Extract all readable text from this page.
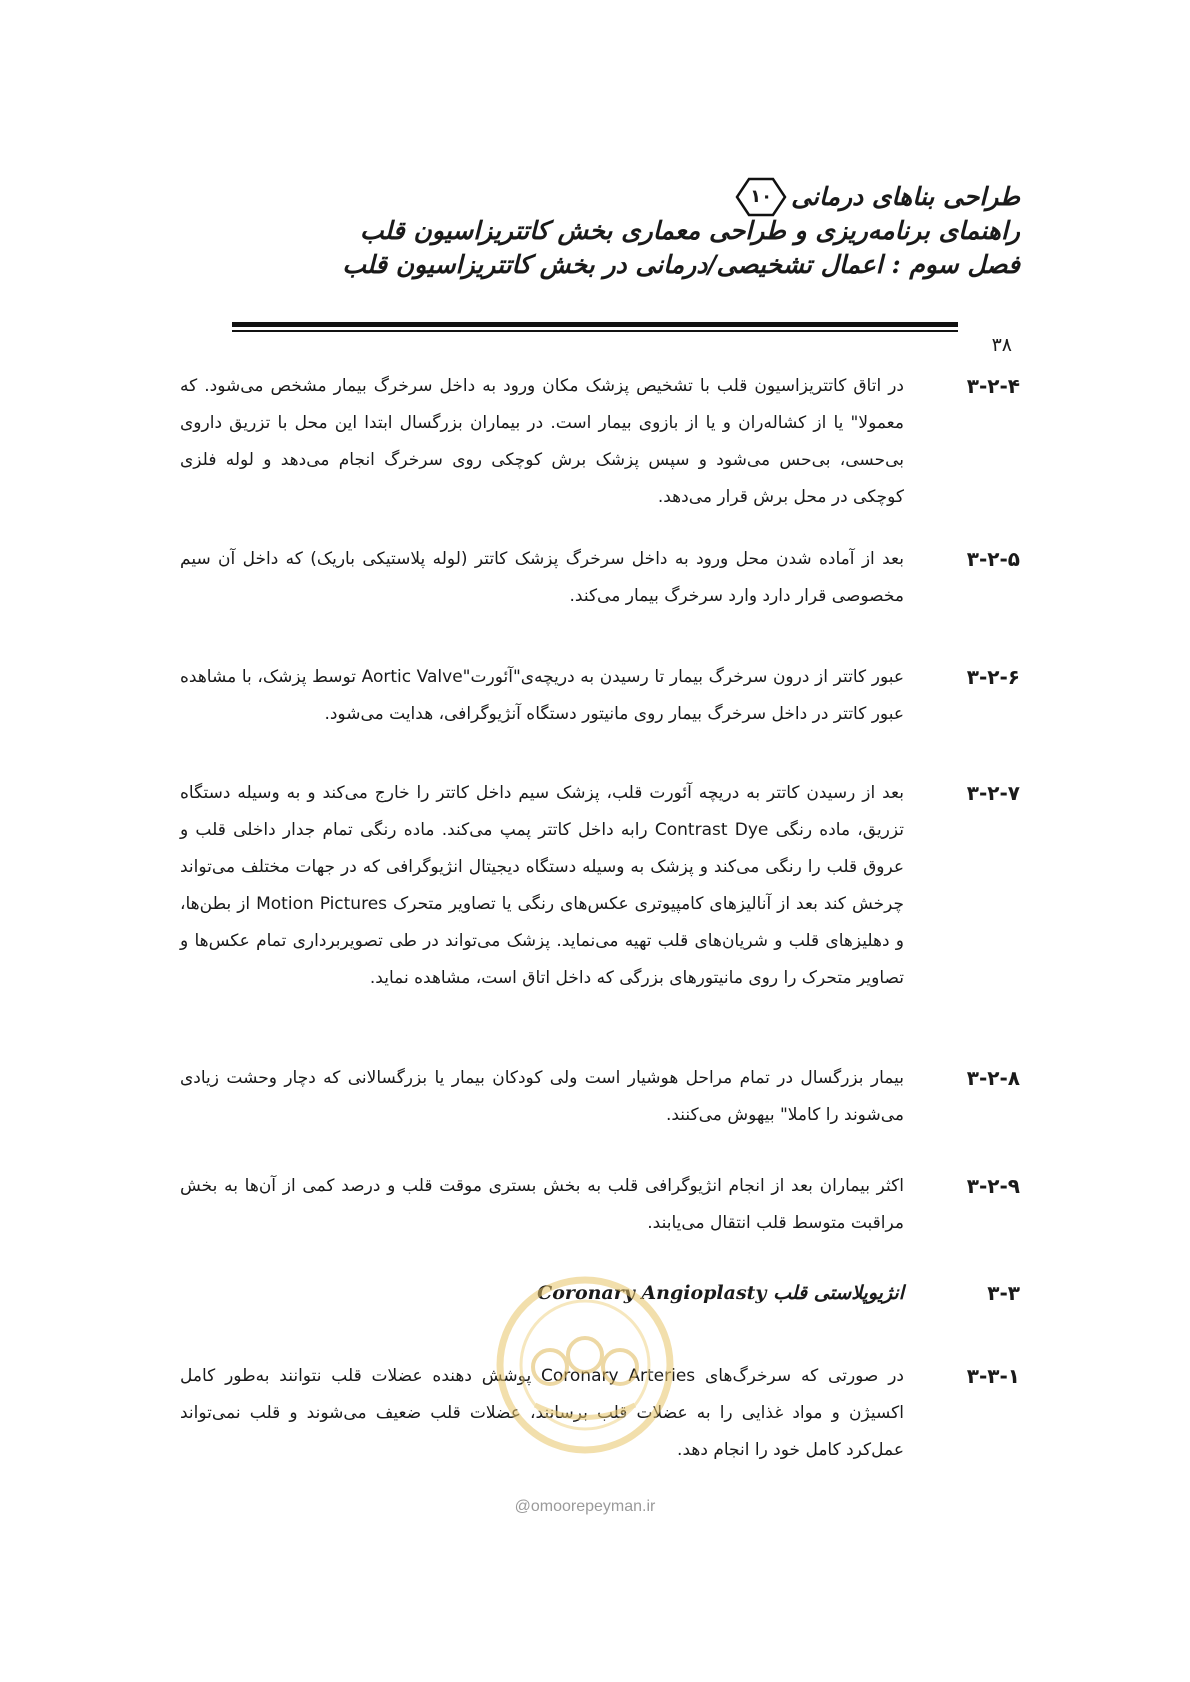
طراحی بناهای درمانی
۱۰
راهنمای برنامه‌ریزی و طراحی معماری بخش کاتتریزاسیون قلب
فصل سوم : اعمال تشخیصی/درمانی در بخش کاتتریزاسیون قلب
۳۸
۳-۲-۴
در اتاق کاتتریزاسیون قلب با تشخیص پزشک مکان ورود به داخل سرخرگ بیمار مشخص می‌شود. که معمولا" یا از کشاله‌ران و یا از بازوی بیمار است. در بیماران بزرگسال ابتدا این محل با تزریق داروی بی‌حسی، بی‌حس می‌شود و سپس پزشک برش کوچکی روی سرخرگ انجام می‌دهد و لوله فلزی کوچکی در محل برش قرار می‌دهد.
۳-۲-۵
بعد از آماده شدن محل ورود به داخل سرخرگ پزشک کاتتر (لوله پلاستیکی باریک) که داخل آن سیم مخصوصی قرار دارد وارد سرخرگ بیمار می‌کند.
۳-۲-۶
عبور کاتتر از درون سرخرگ بیمار تا رسیدن به دریچه‌ی"آئورت"Aortic Valve توسط پزشک، با مشاهده عبور کاتتر در داخل سرخرگ بیمار روی مانیتور دستگاه آنژیوگرافی، هدایت می‌شود.
۳-۲-۷
بعد از رسیدن کاتتر به دریچه آئورت قلب، پزشک سیم داخل کاتتر را خارج می‌کند و به وسیله دستگاه تزریق، ماده رنگی Contrast Dye رابه داخل کاتتر پمپ می‌کند. ماده رنگی تمام جدار داخلی قلب و عروق قلب را رنگی می‌کند و پزشک به وسیله دستگاه دیجیتال انژیوگرافی که در جهات مختلف می‌تواند چرخش کند بعد از آنالیزهای کامپیوتری عکس‌های رنگی یا تصاویر متحرک Motion Pictures از بطن‌ها، و دهلیزهای قلب و شریان‌های قلب تهیه می‌نماید. پزشک می‌تواند در طی تصویربرداری تمام عکس‌ها و تصاویر متحرک را روی مانیتورهای بزرگی که داخل اتاق است، مشاهده نماید.
۳-۲-۸
بیمار بزرگسال در تمام مراحل هوشیار است ولی کودکان بیمار یا بزرگسالانی که دچار وحشت زیادی می‌شوند را کاملا" بیهوش می‌کنند.
۳-۲-۹
اکثر بیماران بعد از انجام انژیوگرافی قلب به بخش بستری موقت قلب و درصد کمی از آن‌ها به بخش مراقبت متوسط قلب انتقال می‌یابند.
۳-۳
انژیوپلاستی قلب Coronary Angioplasty
۳-۳-۱
در صورتی که سرخرگ‌های Coronary Arteries پوشش دهنده عضلات قلب نتوانند به‌طور کامل اکسیژن و مواد غذایی را به عضلات قلب برسانند، عضلات قلب ضعیف می‌شوند و قلب نمی‌تواند عمل‌کرد کامل خود را انجام دهد.
@omoorepeyman.ir
